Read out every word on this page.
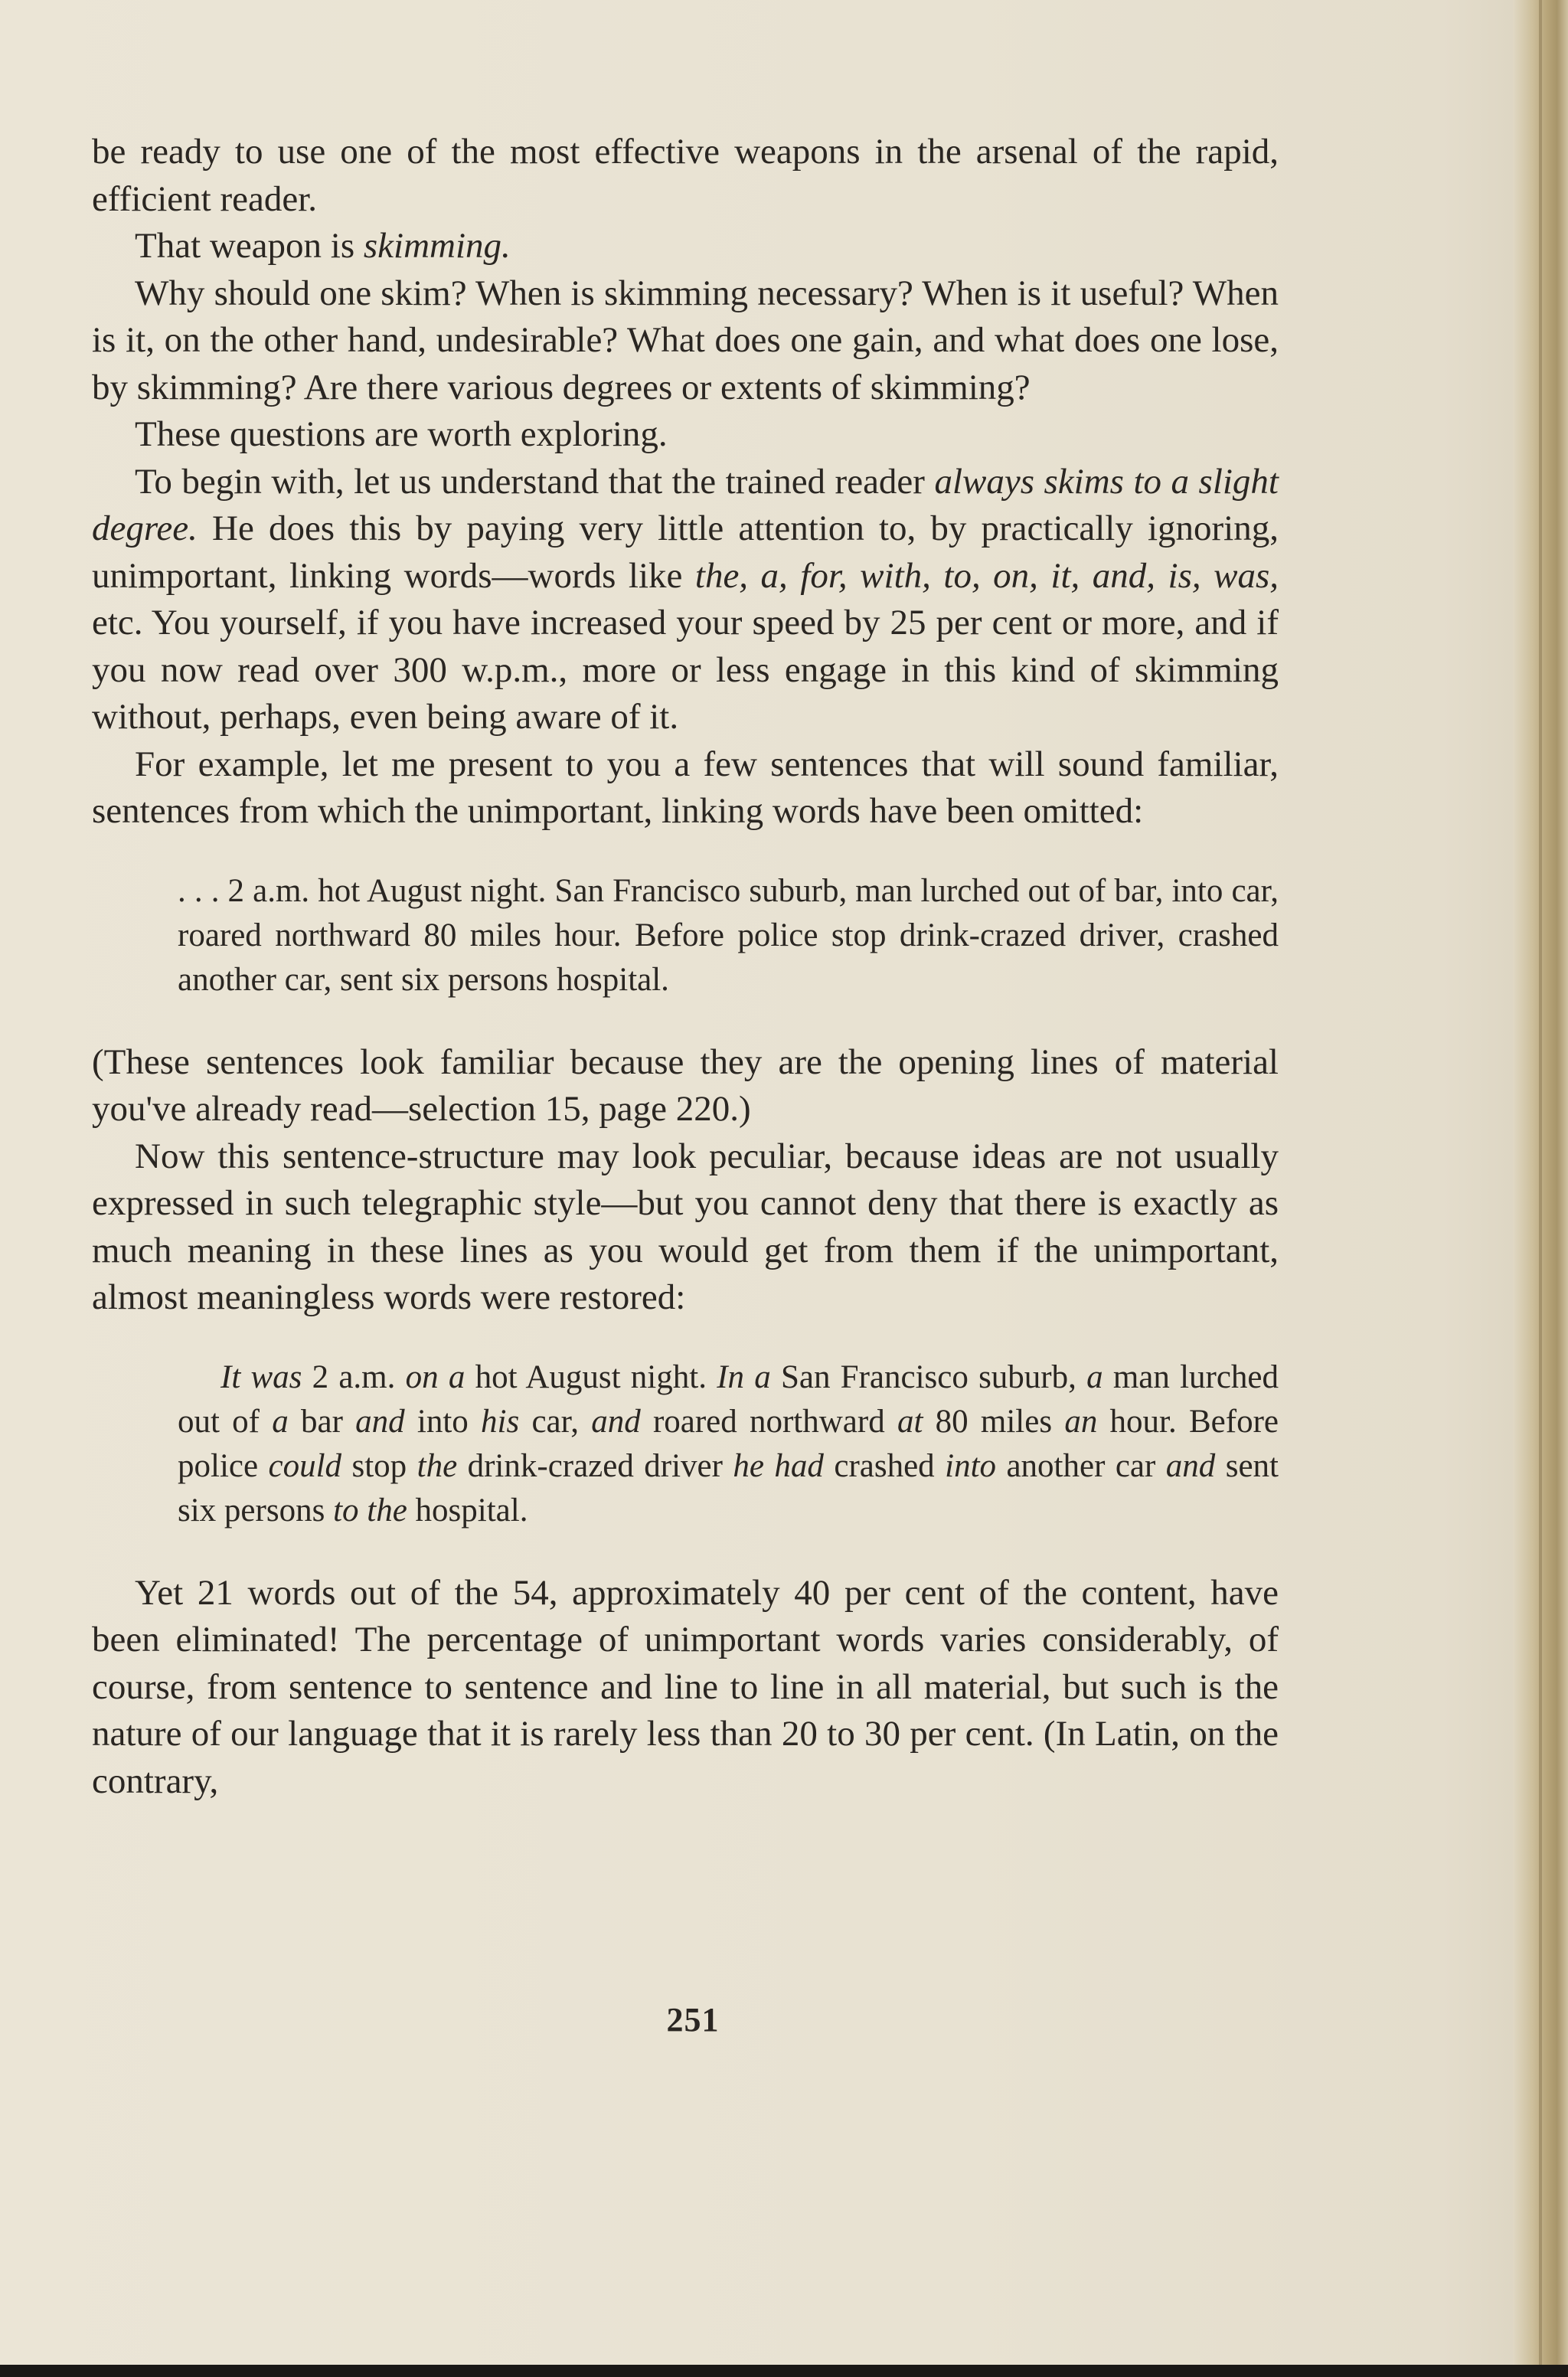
be ready to use one of the most effective weapons in the arsenal of the rapid, efficient reader.

That weapon is skimming.

Why should one skim? When is skimming necessary? When is it useful? When is it, on the other hand, undesirable? What does one gain, and what does one lose, by skimming? Are there various degrees or extents of skimming?

These questions are worth exploring.

To begin with, let us understand that the trained reader always skims to a slight degree. He does this by paying very little attention to, by practically ignoring, unimportant, linking words—words like the, a, for, with, to, on, it, and, is, was, etc. You yourself, if you have increased your speed by 25 per cent or more, and if you now read over 300 w.p.m., more or less engage in this kind of skimming without, perhaps, even being aware of it.

For example, let me present to you a few sentences that will sound familiar, sentences from which the unimportant, linking words have been omitted:

. . . 2 a.m. hot August night. San Francisco suburb, man lurched out of bar, into car, roared northward 80 miles hour. Before police stop drink-crazed driver, crashed another car, sent six persons hospital.

(These sentences look familiar because they are the opening lines of material you've already read—selection 15, page 220.)

Now this sentence-structure may look peculiar, because ideas are not usually expressed in such telegraphic style—but you cannot deny that there is exactly as much meaning in these lines as you would get from them if the unimportant, almost meaningless words were restored:

It was 2 a.m. on a hot August night. In a San Francisco suburb, a man lurched out of a bar and into his car, and roared northward at 80 miles an hour. Before police could stop the drink-crazed driver he had crashed into another car and sent six persons to the hospital.

Yet 21 words out of the 54, approximately 40 per cent of the content, have been eliminated! The percentage of unimportant words varies considerably, of course, from sentence to sentence and line to line in all material, but such is the nature of our language that it is rarely less than 20 to 30 per cent. (In Latin, on the contrary,

251
